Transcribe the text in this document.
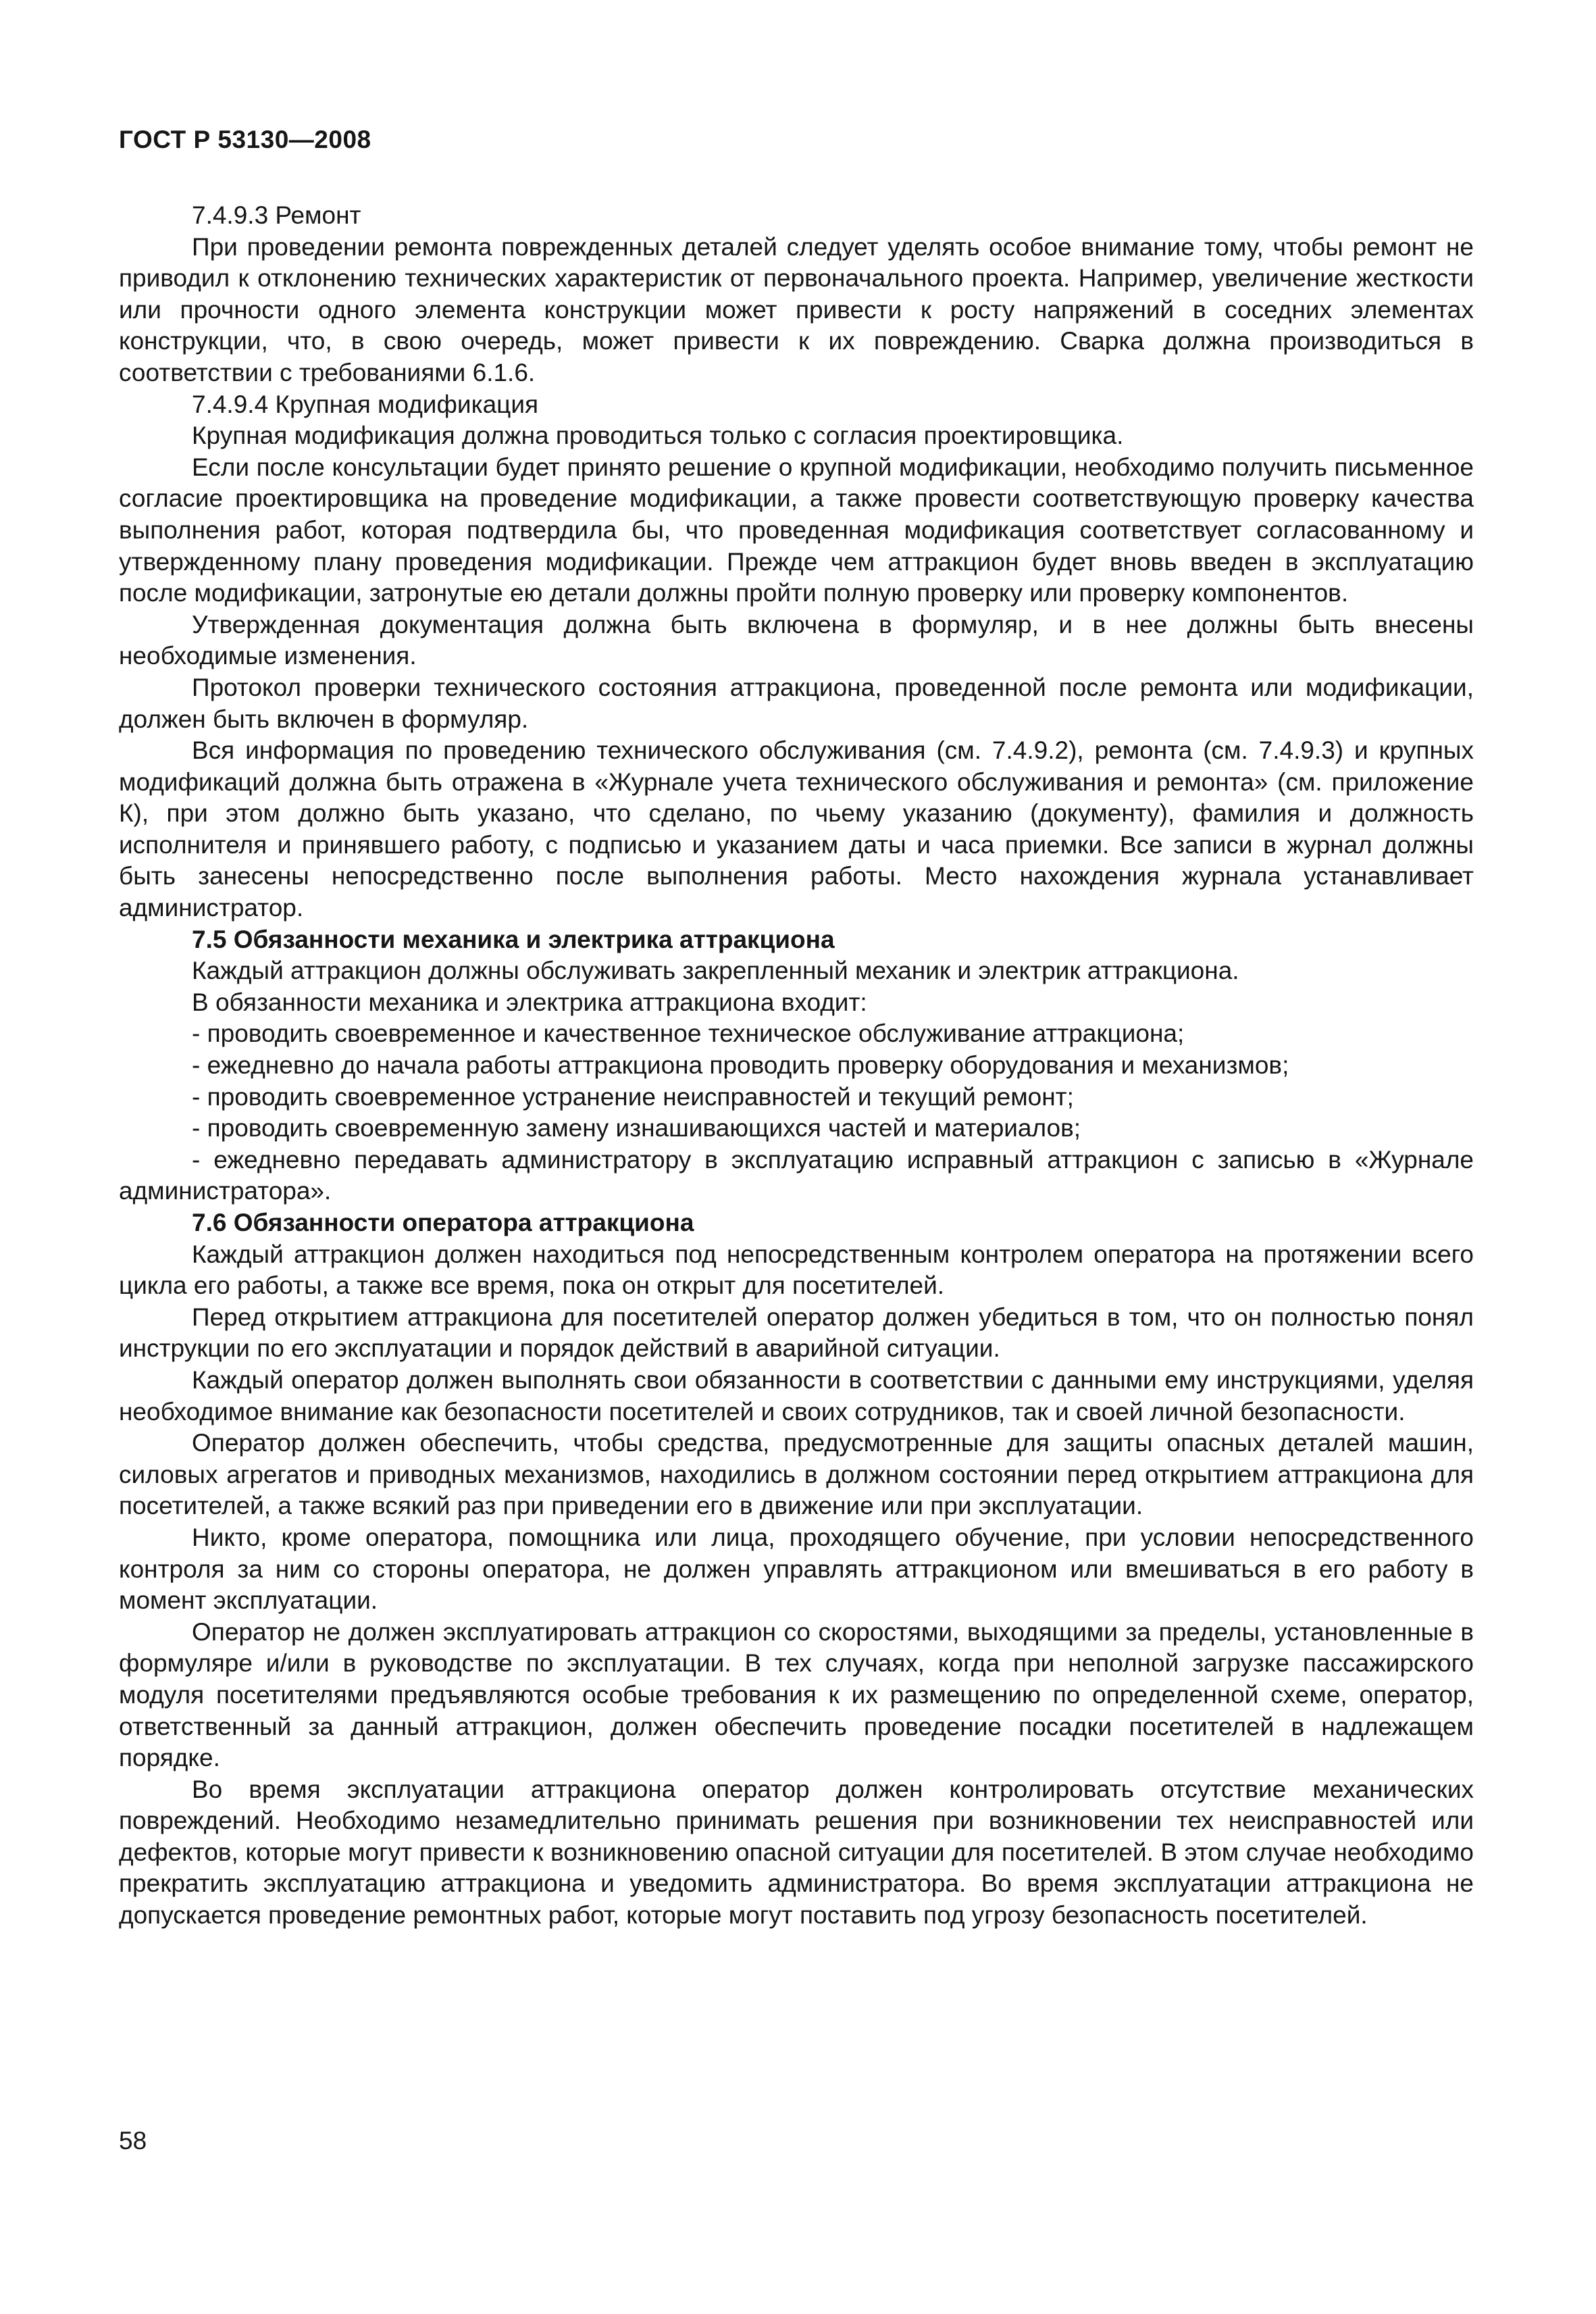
ГОСТ Р 53130—2008

7.4.9.3 Ремонт

При проведении ремонта поврежденных деталей следует уделять особое внимание тому, чтобы ремонт не приводил к отклонению технических характеристик от первоначального проекта. Например, увеличение жесткости или прочности одного элемента конструкции может привести к росту напряжений в соседних элементах конструкции, что, в свою очередь, может привести к их повреждению. Сварка должна производиться в соответствии с требованиями 6.1.6.

7.4.9.4 Крупная модификация

Крупная модификация должна проводиться только с согласия проектировщика.

Если после консультации будет принято решение о крупной модификации, необходимо получить письменное согласие проектировщика на проведение модификации, а также провести соответствующую проверку качества выполнения работ, которая подтвердила бы, что проведенная модификация соответствует согласованному и утвержденному плану проведения модификации. Прежде чем аттракцион будет вновь введен в эксплуатацию после модификации, затронутые ею детали должны пройти полную проверку или проверку компонентов.

Утвержденная документация должна быть включена в формуляр, и в нее должны быть внесены необходимые изменения.

Протокол проверки технического состояния аттракциона, проведенной после ремонта или модификации, должен быть включен в формуляр.

Вся информация по проведению технического обслуживания (см. 7.4.9.2), ремонта (см. 7.4.9.3) и крупных модификаций должна быть отражена в «Журнале учета технического обслуживания и ремонта» (см. приложение К), при этом должно быть указано, что сделано, по чьему указанию (документу), фамилия и должность исполнителя и принявшего работу, с подписью и указанием даты и часа приемки. Все записи в журнал должны быть занесены непосредственно после выполнения работы. Место нахождения журнала устанавливает администратор.

7.5 Обязанности механика и электрика аттракциона

Каждый аттракцион должны обслуживать закрепленный механик и электрик аттракциона.

В обязанности механика и электрика аттракциона входит:

- проводить своевременное и качественное техническое обслуживание аттракциона;

- ежедневно до начала работы аттракциона проводить проверку оборудования и механизмов;

- проводить своевременное устранение неисправностей и текущий ремонт;

- проводить своевременную замену изнашивающихся частей и материалов;

- ежедневно передавать администратору в эксплуатацию исправный аттракцион с записью в «Журнале администратора».

7.6 Обязанности оператора аттракциона

Каждый аттракцион должен находиться под непосредственным контролем оператора на протяжении всего цикла его работы, а также все время, пока он открыт для посетителей.

Перед открытием аттракциона для посетителей оператор должен убедиться в том, что он полностью понял инструкции по его эксплуатации и порядок действий в аварийной ситуации.

Каждый оператор должен выполнять свои обязанности в соответствии с данными ему инструкциями, уделяя необходимое внимание как безопасности посетителей и своих сотрудников, так и своей личной безопасности.

Оператор должен обеспечить, чтобы средства, предусмотренные для защиты опасных деталей машин, силовых агрегатов и приводных механизмов, находились в должном состоянии перед открытием аттракциона для посетителей, а также всякий раз при приведении его в движение или при эксплуатации.

Никто, кроме оператора, помощника или лица, проходящего обучение, при условии непосредственного контроля за ним со стороны оператора, не должен управлять аттракционом или вмешиваться в его работу в момент эксплуатации.

Оператор не должен эксплуатировать аттракцион со скоростями, выходящими за пределы, установленные в формуляре и/или в руководстве по эксплуатации. В тех случаях, когда при неполной загрузке пассажирского модуля посетителями предъявляются особые требования к их размещению по определенной схеме, оператор, ответственный за данный аттракцион, должен обеспечить проведение посадки посетителей в надлежащем порядке.

Во время эксплуатации аттракциона оператор должен контролировать отсутствие механических повреждений. Необходимо незамедлительно принимать решения при возникновении тех неисправностей или дефектов, которые могут привести к возникновению опасной ситуации для посетителей. В этом случае необходимо прекратить эксплуатацию аттракциона и уведомить администратора. Во время эксплуатации аттракциона не допускается проведение ремонтных работ, которые могут поставить под угрозу безопасность посетителей.

58
